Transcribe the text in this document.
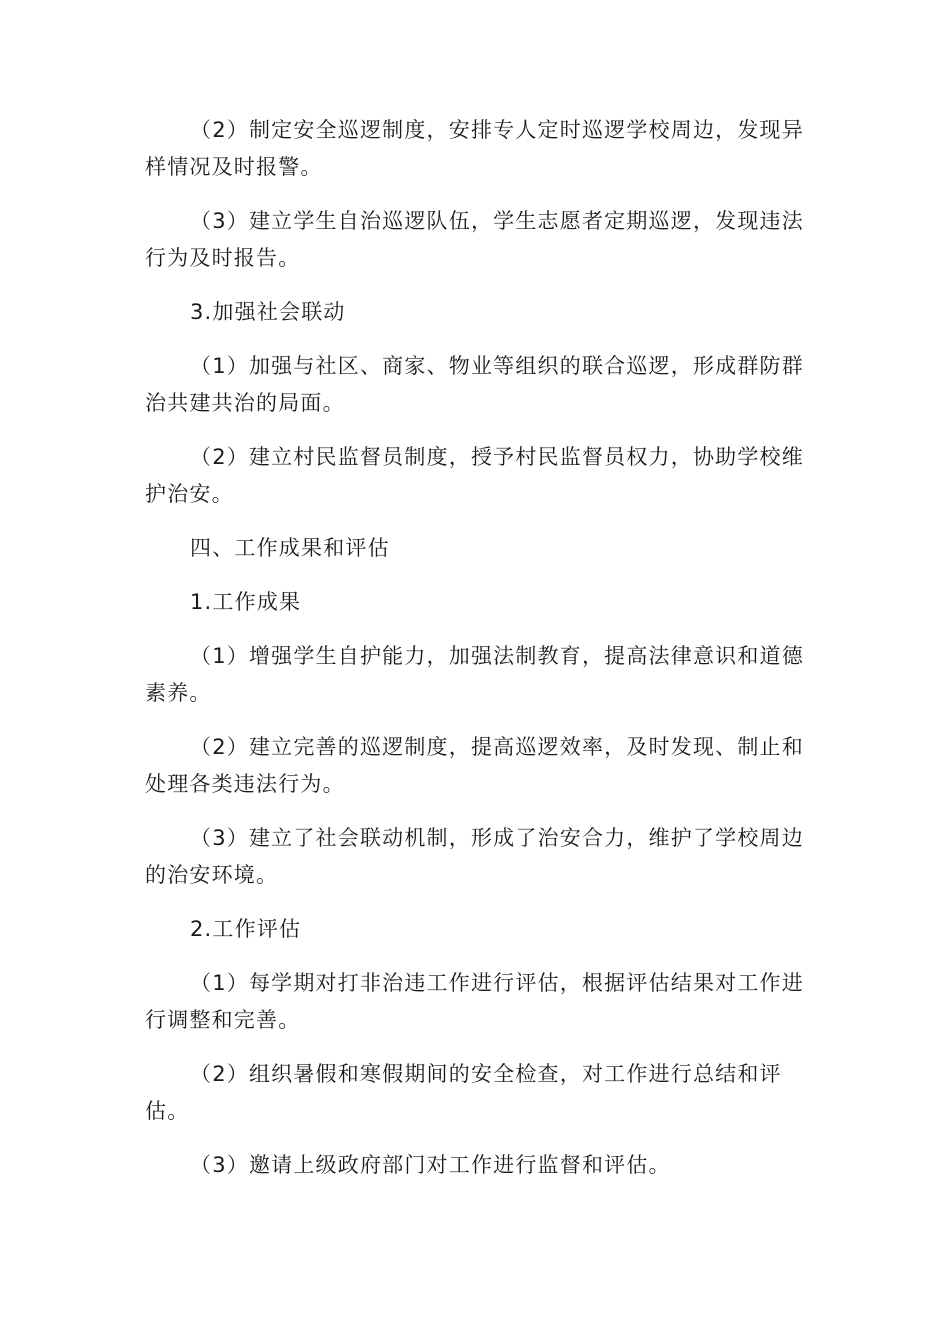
（2）制定安全巡逻制度，安排专人定时巡逻学校周边，发现异样情况及时报警。

（3）建立学生自治巡逻队伍，学生志愿者定期巡逻，发现违法行为及时报告。

3.加强社会联动

（1）加强与社区、商家、物业等组织的联合巡逻，形成群防群治共建共治的局面。

（2）建立村民监督员制度，授予村民监督员权力，协助学校维护治安。

四、工作成果和评估

1.工作成果

（1）增强学生自护能力，加强法制教育，提高法律意识和道德素养。

（2）建立完善的巡逻制度，提高巡逻效率，及时发现、制止和处理各类违法行为。

（3）建立了社会联动机制，形成了治安合力，维护了学校周边的治安环境。

2.工作评估

（1）每学期对打非治违工作进行评估，根据评估结果对工作进行调整和完善。

（2）组织暑假和寒假期间的安全检查，对工作进行总结和评估。

（3）邀请上级政府部门对工作进行监督和评估。
